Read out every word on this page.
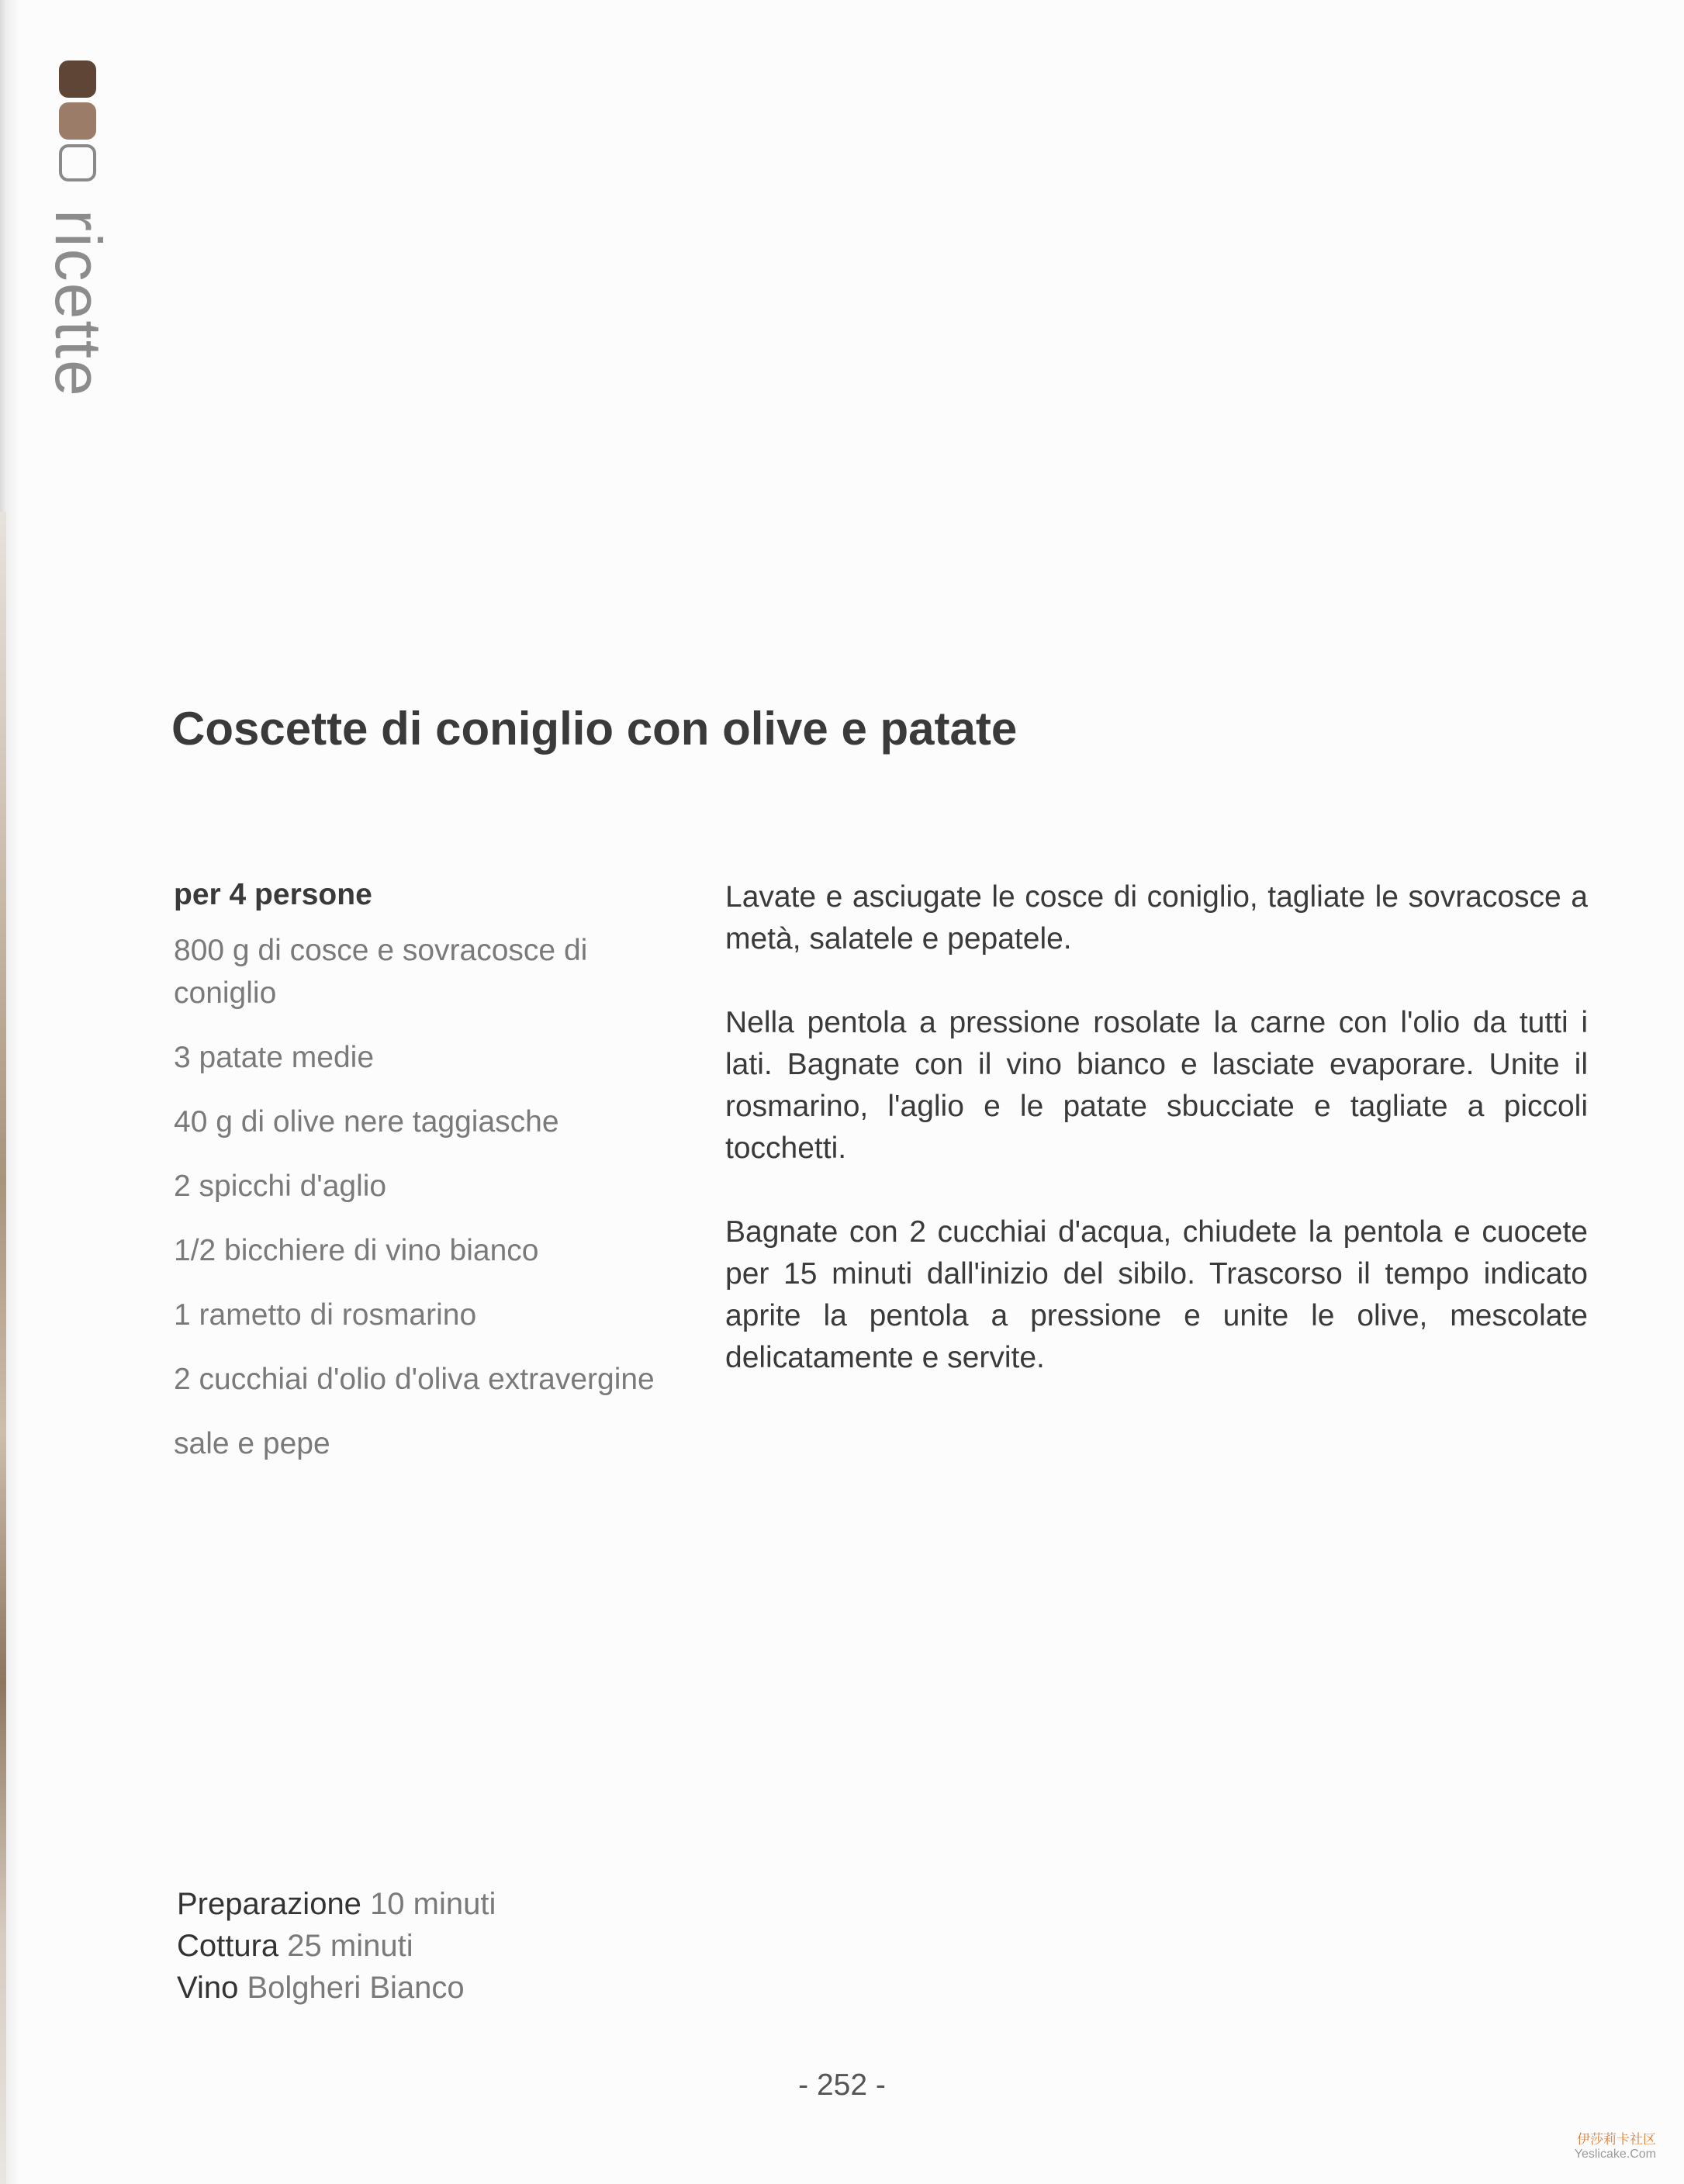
ricette
Coscette di coniglio con olive e patate
per 4 persone
800 g di cosce e sovracosce di coniglio
3 patate medie
40 g di olive nere taggiasche
2 spicchi d'aglio
1/2 bicchiere di vino bianco
1 rametto di rosmarino
2 cucchiai d'olio d'oliva extravergine
sale e pepe

Lavate e asciugate le cosce di coniglio, tagliate le sovracosce a metà, salatele e pepatele.

Nella pentola a pressione rosolate la carne con l'olio da tutti i lati. Bagnate con il vino bianco e lasciate evaporare. Unite il rosmarino, l'aglio e le patate sbucciate e tagliate a piccoli tocchetti.

Bagnate con 2 cucchiai d'acqua, chiudete la pentola e cuocete per 15 minuti dall'inizio del sibilo. Trascorso il tempo indicato aprite la pentola a pressione e unite le olive, mescolate delicatamente e servite.

Preparazione 10 minuti
Cottura 25 minuti
Vino Bolgheri Bianco
- 252 -
伊莎莉卡社区
Yeslicake.Com
